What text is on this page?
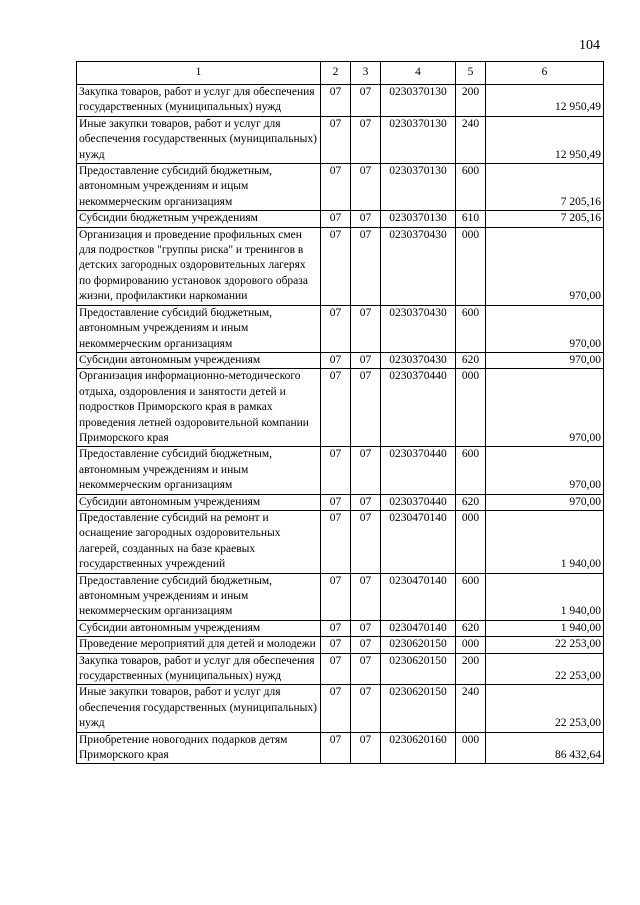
104
1	2	3	4	5	6
Закупка товаров, работ и услуг для обеспечения государственных (муниципальных) нужд	07	07	0230370130	200	12 950,49
Иные закупки товаров, работ и услуг для обеспечения государственных (муниципальных) нужд	07	07	0230370130	240	12 950,49
Предоставление субсидий бюджетным, автономным учреждениям и ицым некоммерческим организациям	07	07	0230370130	600	7 205,16
Субсидии бюджетным учреждениям	07	07	0230370130	610	7 205,16
Организация и проведение профильных смен для подростков "группы риска" и тренингов в детских загородных оздоровительных лагерях по формированию установок здорового образа жизни, профилактики наркомании	07	07	0230370430	000	970,00
Предоставление субсидий бюджетным, автономным учреждениям и иным некоммерческим организациям	07	07	0230370430	600	970,00
Субсидии автономным учреждениям	07	07	0230370430	620	970,00
Организация информационно-методического отдыха, оздоровления и занятости детей и подростков Приморского края в рамках проведения летней оздоровительной компании Приморского края	07	07	0230370440	000	970,00
Предоставление субсидий бюджетным, автономным учреждениям и иным некоммерческим организациям	07	07	0230370440	600	970,00
Субсидии автономным учреждениям	07	07	0230370440	620	970,00
Предоставление субсидий на ремонт и оснащение загородных оздоровительных лагерей, созданных на базе краевых государственных учреждений	07	07	0230470140	000	1 940,00
Предоставление субсидий бюджетным, автономным учреждениям и иным некоммерческим организациям	07	07	0230470140	600	1 940,00
Субсидии автономным учреждениям	07	07	0230470140	620	1 940,00
Проведение мероприятий для детей и молодежи	07	07	0230620150	000	22 253,00
Закупка товаров, работ и услуг для обеспечения государственных (муниципальных) нужд	07	07	0230620150	200	22 253,00
Иные закупки товаров, работ и услуг для обеспечения государственных (муниципальных) нужд	07	07	0230620150	240	22 253,00
Приобретение новогодних подарков детям Приморского края	07	07	0230620160	000	86 432,64
